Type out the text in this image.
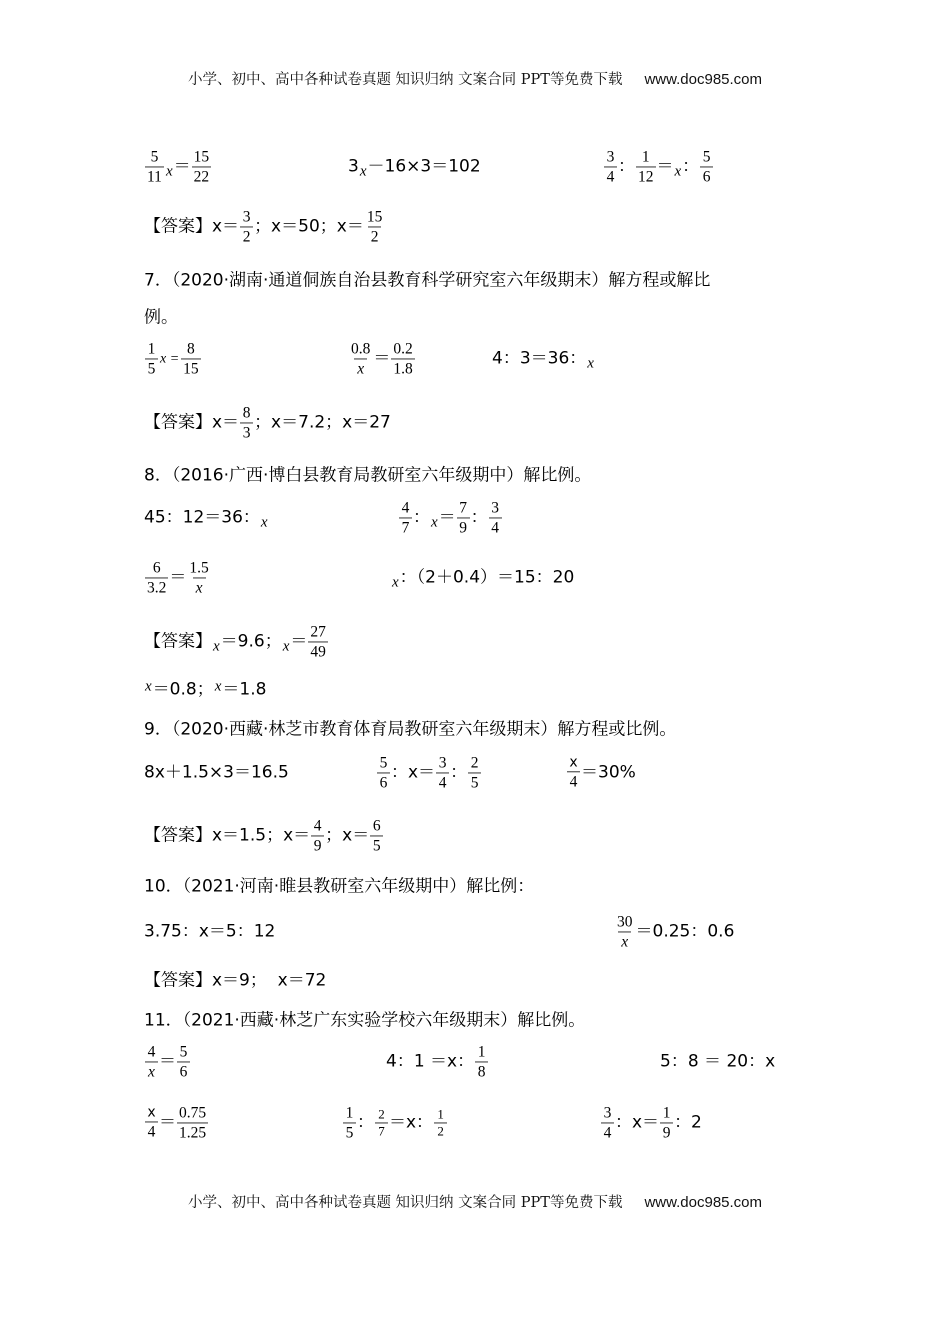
小学、初中、高中各种试卷真题 知识归纳 文案合同 PPT等免费下载 www.doc985.com
5
11 x ＝ 15
22
3 x －16×3＝102	3
4
： 1
12
＝ x ： 5
6
【答案】 x＝ 3
2
；x＝50；x＝ 15
2
7．（2020·湖南·通道侗族自治县教育科学研究室六年级期末）解方程或解比
例。
1
5
$x = \frac{8}{15}$	0.8
x
＝ 0.2
1.8
4：3＝36： x
【答案】 x＝ 8
3
；x＝7.2；x＝27
8．（2016·广西·博白县教育局教研室六年级期中）解比例。
45：12＝36： x
4
7
： x ＝ 7
9
： 3
4
6
3.2
＝ 1.5
x	x ：（2＋0.4）＝15：20
【答案】 x ＝9.6； x ＝ 27
49
x ＝0.8； x ＝1.8
9．（2020·西藏·林芝市教育体育局教研室六年级期末）解方程或比例。
8x＋1.5×3＝16.5	5
6
：x＝ 3
4
： 2
5
x
4 ＝30%
【答案】 x＝1.5；x＝ 4
9
；x＝ 6
5
10．（2021·河南·睢县教研室六年级期中）解比例：
3.75：x＝5：12	30
x
＝0.25：0.6
【答案】 x＝9；  x＝72
11．（2021·西藏·林芝广东实验学校六年级期末）解比例。
4
x
＝ 5
6
4：1 ＝x： 1
8
5：8 ＝ 20：x
x
4 ＝ 0.75
1.25
1
5
： 2
7 ＝x： 1
2
3
4
：x＝ 1
9
：2
小学、初中、高中各种试卷真题 知识归纳 文案合同 PPT等免费下载 www.doc985.com
